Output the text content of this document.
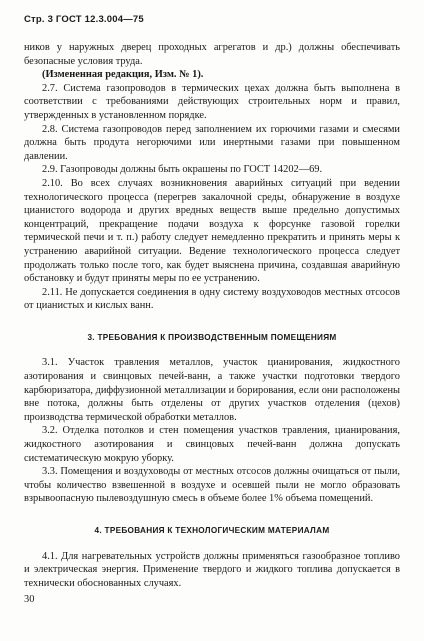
Стр. 3 ГОСТ 12.3.004—75

ников у наружных дверец проходных агрегатов и др.) должны обеспечивать безопасные условия труда.

(Измененная редакция, Изм. № 1).

2.7. Система газопроводов в термических цехах должна быть выполнена в соответствии с требованиями действующих строительных норм и правил, утвержденных в установленном порядке.

2.8. Система газопроводов перед заполнением их горючими газами и смесями должна быть продута негорючими или инертными газами при повышенном давлении.

2.9. Газопроводы должны быть окрашены по ГОСТ 14202—69.

2.10. Во всех случаях возникновения аварийных ситуаций при ведении технологического процесса (перегрев закалочной среды, обнаружение в воздухе цианистого водорода и других вредных веществ выше предельно допустимых концентраций, прекращение подачи воздуха к форсунке газовой горелки термической печи и т. п.) работу следует немедленно прекратить и принять меры к устранению аварийной ситуации. Ведение технологического процесса следует продолжать только после того, как будет выяснена причина, создавшая аварийную обстановку и будут приняты меры по ее устранению.

2.11. Не допускается соединения в одну систему воздуховодов местных отсосов от цианистых и кислых ванн.

3. ТРЕБОВАНИЯ К ПРОИЗВОДСТВЕННЫМ ПОМЕЩЕНИЯМ

3.1. Участок травления металлов, участок цианирования, жидкостного азотирования и свинцовых печей-ванн, а также участки подготовки твердого карбюризатора, диффузионной металлизации и борирования, если они расположены вне потока, должны быть отделены от других участков отделения (цехов) производства термической обработки металлов.

3.2. Отделка потолков и стен помещения участков травления, цианирования, жидкостного азотирования и свинцовых печей-ванн должна допускать систематическую мокрую уборку.

3.3. Помещения и воздуховоды от местных отсосов должны очищаться от пыли, чтобы количество взвешенной в воздухе и осевшей пыли не могло образовать взрывоопасную пылевоздушную смесь в объеме более 1% объема помещений.

4. ТРЕБОВАНИЯ К ТЕХНОЛОГИЧЕСКИМ МАТЕРИАЛАМ

4.1. Для нагревательных устройств должны применяться газообразное топливо и электрическая энергия. Применение твердого и жидкого топлива допускается в технически обоснованных случаях.

30
